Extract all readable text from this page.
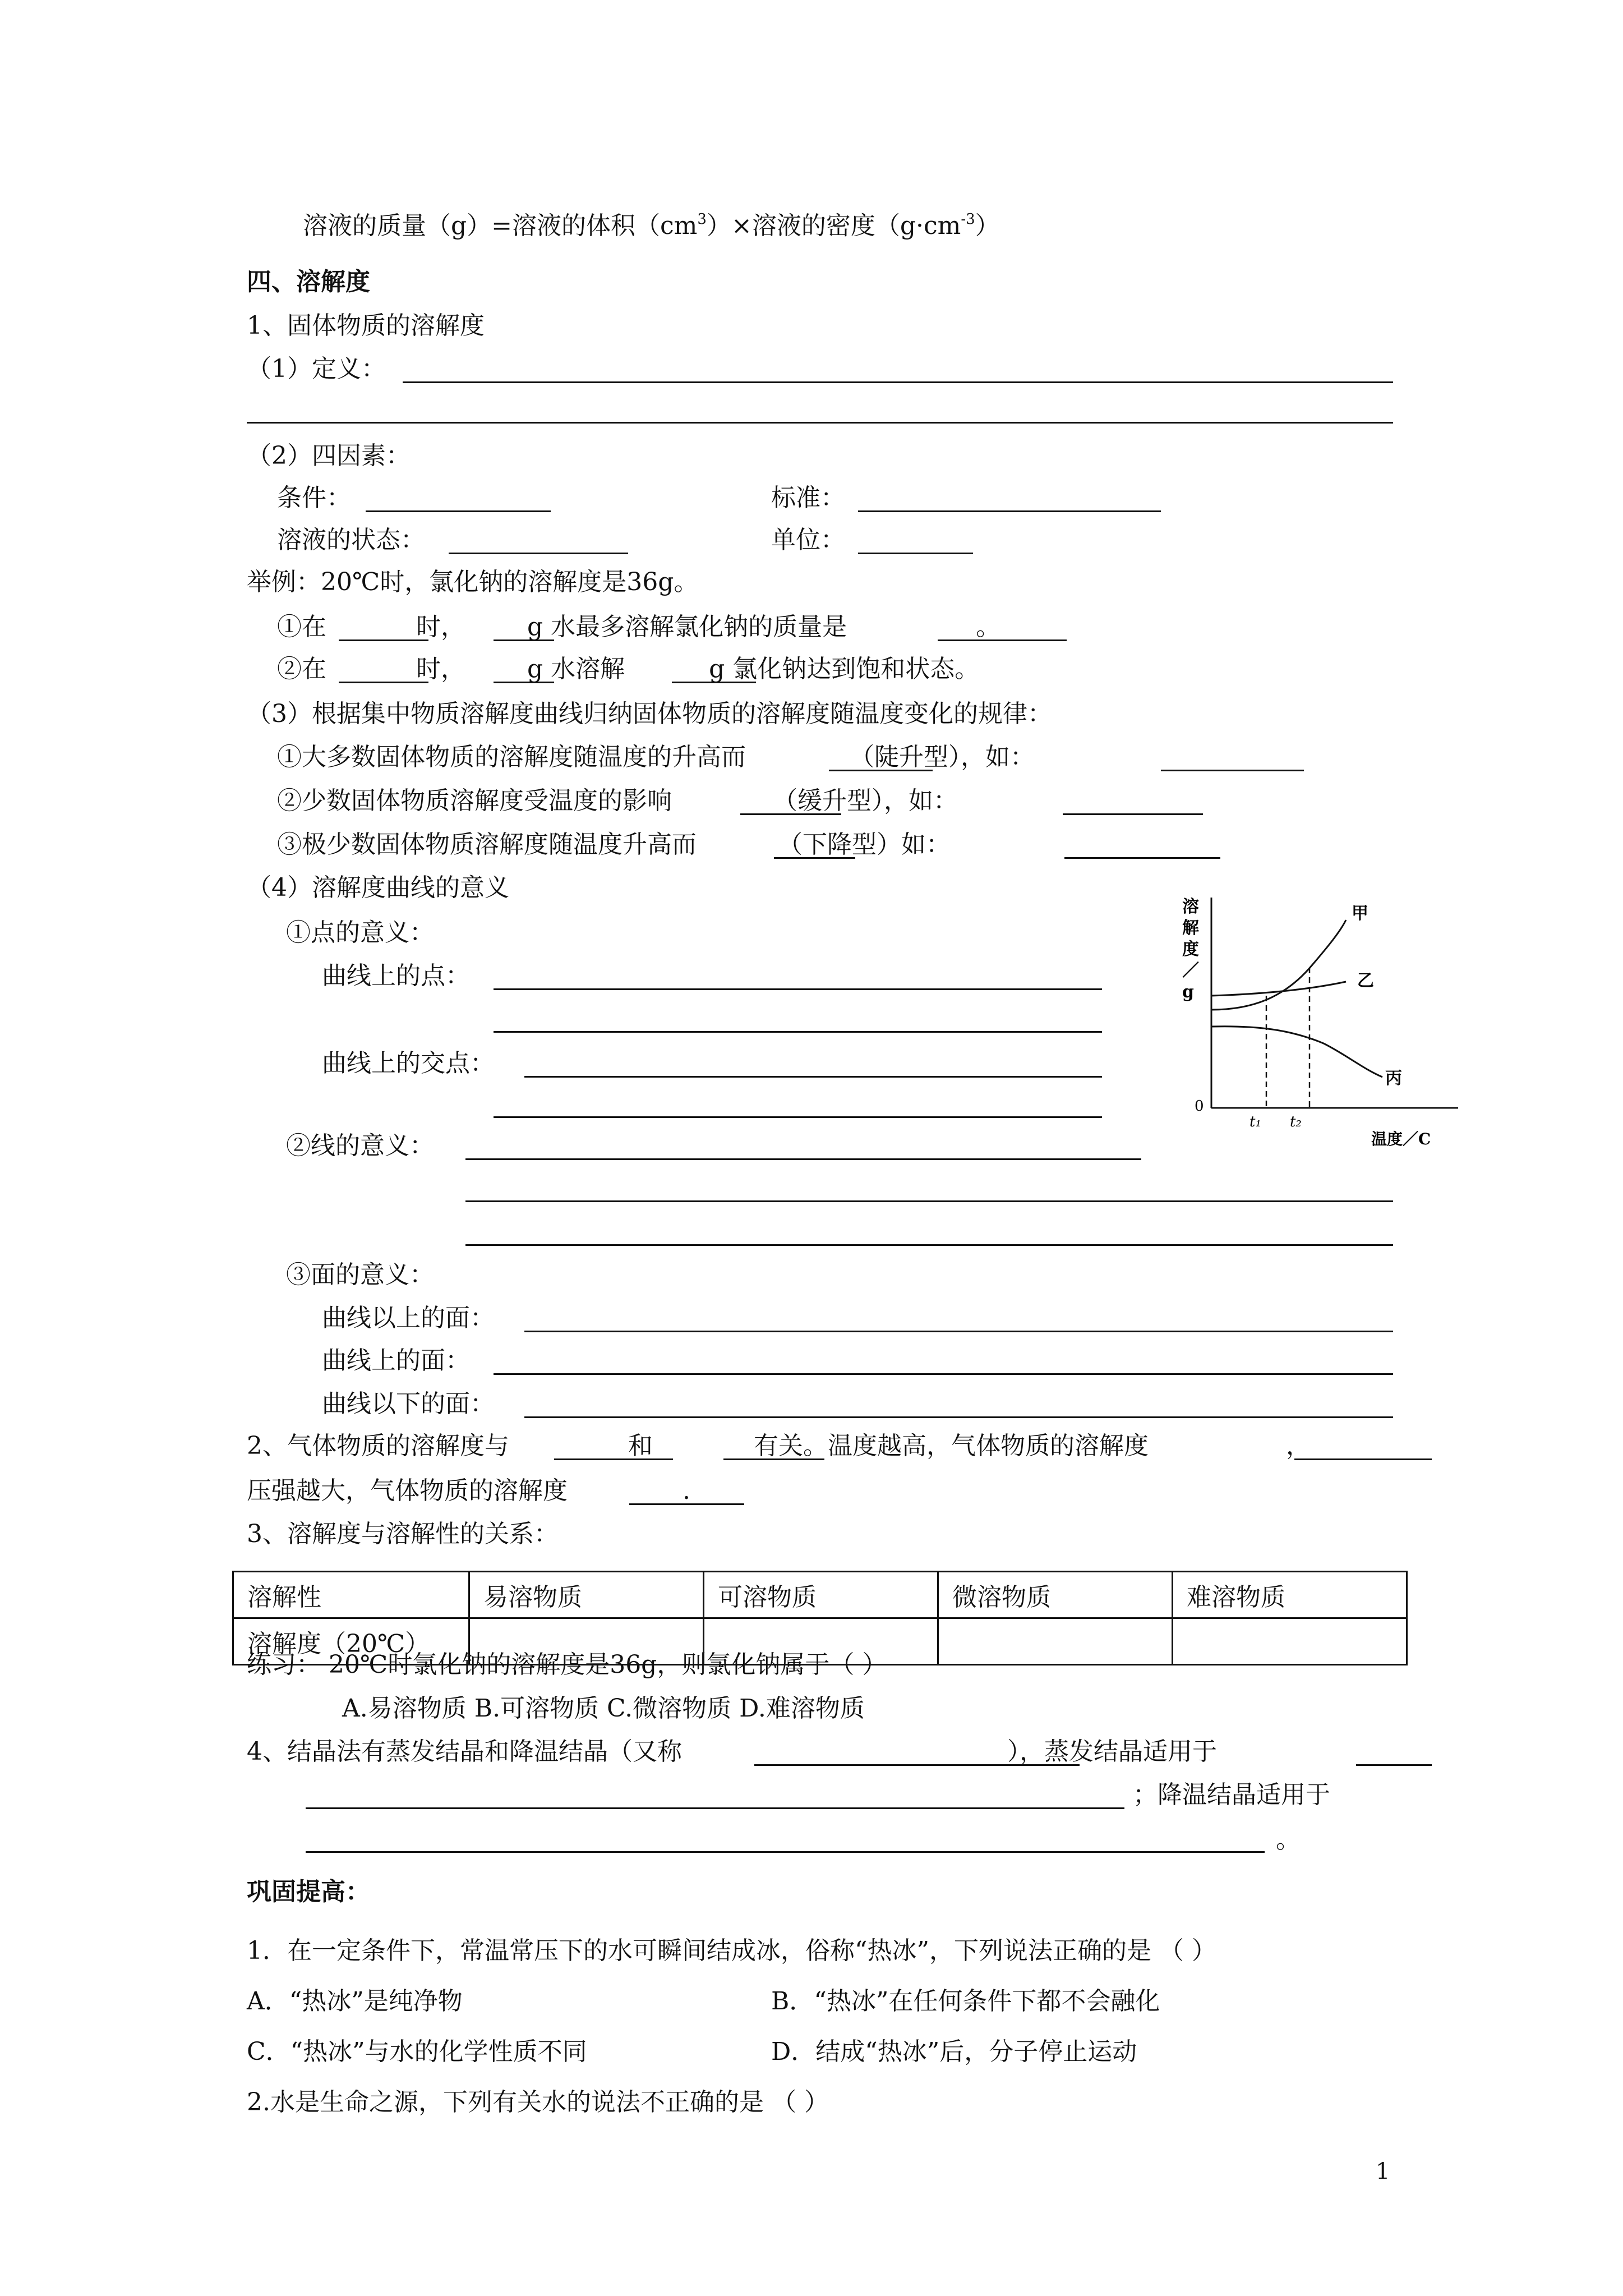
溶液的质量（g）=溶液的体积$(cm^3)\times$溶液的密度$(g\cdot cm^{-3})$
四、溶解度
1、固体物质的溶解度
（1）定义：
（2）四因素：
条件：	标准：
溶液的状态：	单位：
举例：20℃时，氯化钠的溶解度是36g。
①在	时，	g 水最多溶解氯化钠的质量是	。
②在	时，	g 水溶解	g 氯化钠达到饱和状态。
（3）根据集中物质溶解度曲线归纳固体物质的溶解度随温度变化的规律：
①大多数固体物质的溶解度随温度的升高而	（陡升型），如：
②少数固体物质溶解度受温度的影响	（缓升型），如：
③极少数固体物质溶解度随温度升高而	（下降型）如：
（4）溶解度曲线的意义
①点的意义：
曲线上的点：
曲线上的交点：
②线的意义：
③面的意义：
曲线以上的面：
曲线上的面：
曲线以下的面：
2、气体物质的溶解度与	和	有关。温度越高，气体物质的溶解度	，
压强越大，气体物质的溶解度	.
3、溶解度与溶解性的关系：
溶解性	易溶物质	可溶物质	微溶物质	难溶物质
溶解度（20℃）				
练习： 20℃时氯化钠的溶解度是36g，则氯化钠属于（ ）
A.易溶物质 B.可溶物质 C.微溶物质 D.难溶物质
4、结晶法有蒸发结晶和降温结晶（又称	），蒸发结晶适用于
；降温结晶适用于
。
巩固提高：
1．在一定条件下，常温常压下的水可瞬间结成冰，俗称“热冰”，下列说法正确的是 （ ）
A．“热冰”是纯净物	B．“热冰”在任何条件下都不会融化
C．“热冰”与水的化学性质不同	D．结成“热冰”后，分子停止运动
2.水是生命之源，下列有关水的说法不正确的是 （ ）
1
溶
解
度
／
g
0
t₁ t₂
温度／C
甲
乙
丙
